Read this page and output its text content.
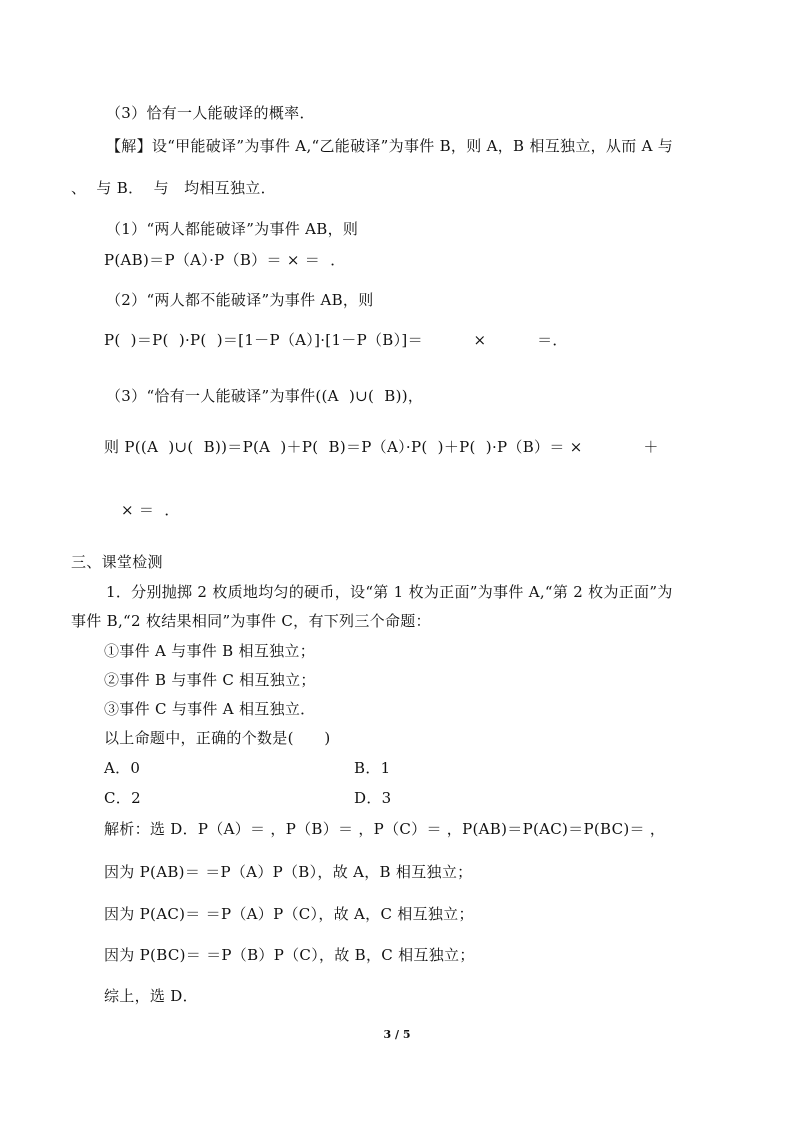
（3）恰有一人能破译的概率．
【解】设“甲能破译”为事件 A,“乙能破译”为事件 B，则 A，B 相互独立，从而 A 与
、  与 B．  与   均相互独立．
（1）“两人都能破译”为事件 AB，则
P(AB)＝P（A）·P（B）＝ × ＝  ．
（2）“两人都不能破译”为事件 AB，则
P(  )＝P(  )·P(  )＝[1－P（A）]·[1－P（B）]＝          ×          ＝．
（3）“恰有一人能破译”为事件((A  )∪(  B))，
则 P((A  )∪(  B))＝P(A  )＋P(  B)＝P（A）·P(  )＋P(  )·P（B）＝ ×            ＋
× ＝  ．
三、课堂检测
1．分别抛掷 2 枚质地均匀的硬币，设“第 1 枚为正面”为事件 A,“第 2 枚为正面”为
事件 B,“2 枚结果相同”为事件 C，有下列三个命题：
①事件 A 与事件 B 相互独立；
②事件 B 与事件 C 相互独立；
③事件 C 与事件 A 相互独立．
以上命题中，正确的个数是(　　)
A．0	B．1
C．2	D．3
解析：选 D．P（A）＝ ，P（B）＝ ，P（C）＝ ，P(AB)＝P(AC)＝P(BC)＝ ，
因为 P(AB)＝ ＝P（A）P（B），故 A，B 相互独立；
因为 P(AC)＝ ＝P（A）P（C），故 A，C 相互独立；
因为 P(BC)＝ ＝P（B）P（C），故 B，C 相互独立；
综上，选 D．
3 / 5
